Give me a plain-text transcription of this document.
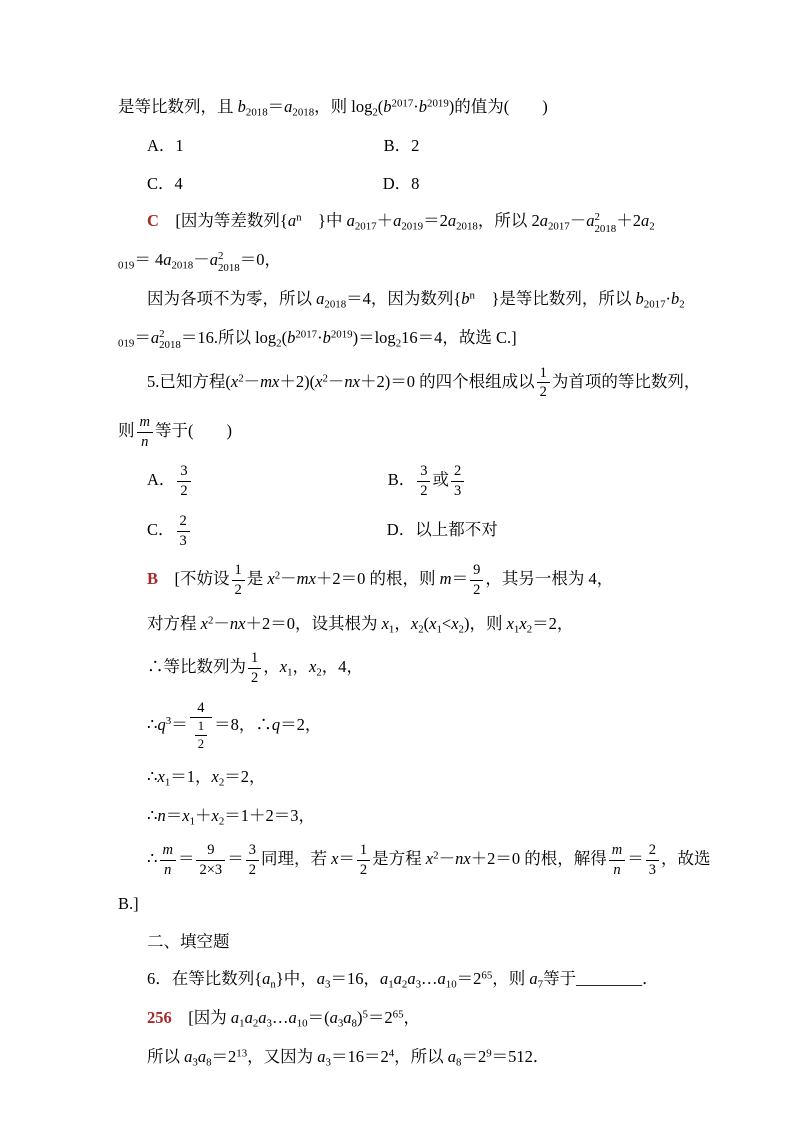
是等比数列，且 $b_{2018}=a_{2018}$，则 $\log_2(b^{2017}\cdot b^{2019})$的值为(　　)
A．1	B．2
C．4	D．8
C　[因为等差数列{$a^n$　}中 $a_{2017}+a_{2019}=2a_{2018}$，所以 $2a_{2017}-a$ 2
$2018 +2a_2$
$_{019}= 4a_{2018}-a$ 2
2018 ＝0，
因为各项不为零，所以 $a_{2018}=4$，因为数列{$b^n$　}是等比数列，所以 $b_{2017}\cdot b_2$
$_{019}$＝a 2
2018 ＝16.所以 $\log_2(b^{2017}\cdot b^{2019})=\log_216=4$，故选 C.]
5.已知方程$(x^2-mx+2)(x^2-nx+2)=0$ 的四个根组成以 $\frac{1}{2}$ 为首项的等比数列，
则 $\frac{m}{n}$ 等于(　　)
A． $\frac{3}{2}$	B． $\frac{3}{2}$ 或 $\frac{2}{3}$
C． $\frac{2}{3}$	D．以上都不对
B　[不妨设 $\frac{1}{2}$ 是 $x^2-mx+2=0$ 的根，则 $m= \frac{9}{2}$ ，其另一根为 4，
对方程 $x^2-nx+2=0$，设其根为 $x_1$，$x_2(x_1<x_2)$，则 $x_1x_2=2$，
∴等比数列为 $\frac{1}{2}$ ，$x_1$，$x_2$，4，
$\therefore q^3= \frac{4}{\frac{1}{2}} =8$，∴q＝2，
$\therefore x_1=1$，$x_2=2$，
$\therefore n=x_1+x_2=1+2=3$，
∴ $\frac{m}{n} = \frac{9}{2\times 3} = \frac{3}{2}$ 同理，若 $x= \frac{1}{2}$ 是方程 $x^2-nx+2=0$ 的根，解得 $\frac{m}{n} = \frac{2}{3}$ ，故选
B.]
二、填空题
6．在等比数列$\{a_n\}$中，$a_3=16$，$a_1a_2a_3\dots a_{10}=2^{65}$，则 $a_7$等于________．
256　[因为 $a_1a_2a_3\dots a_{10}=(a_3a_8)^5=2^{65}$，
所以 $a_3a_8=2^{13}$，又因为 $a_3=16=2^4$，所以 $a_8=2^9=512$．
